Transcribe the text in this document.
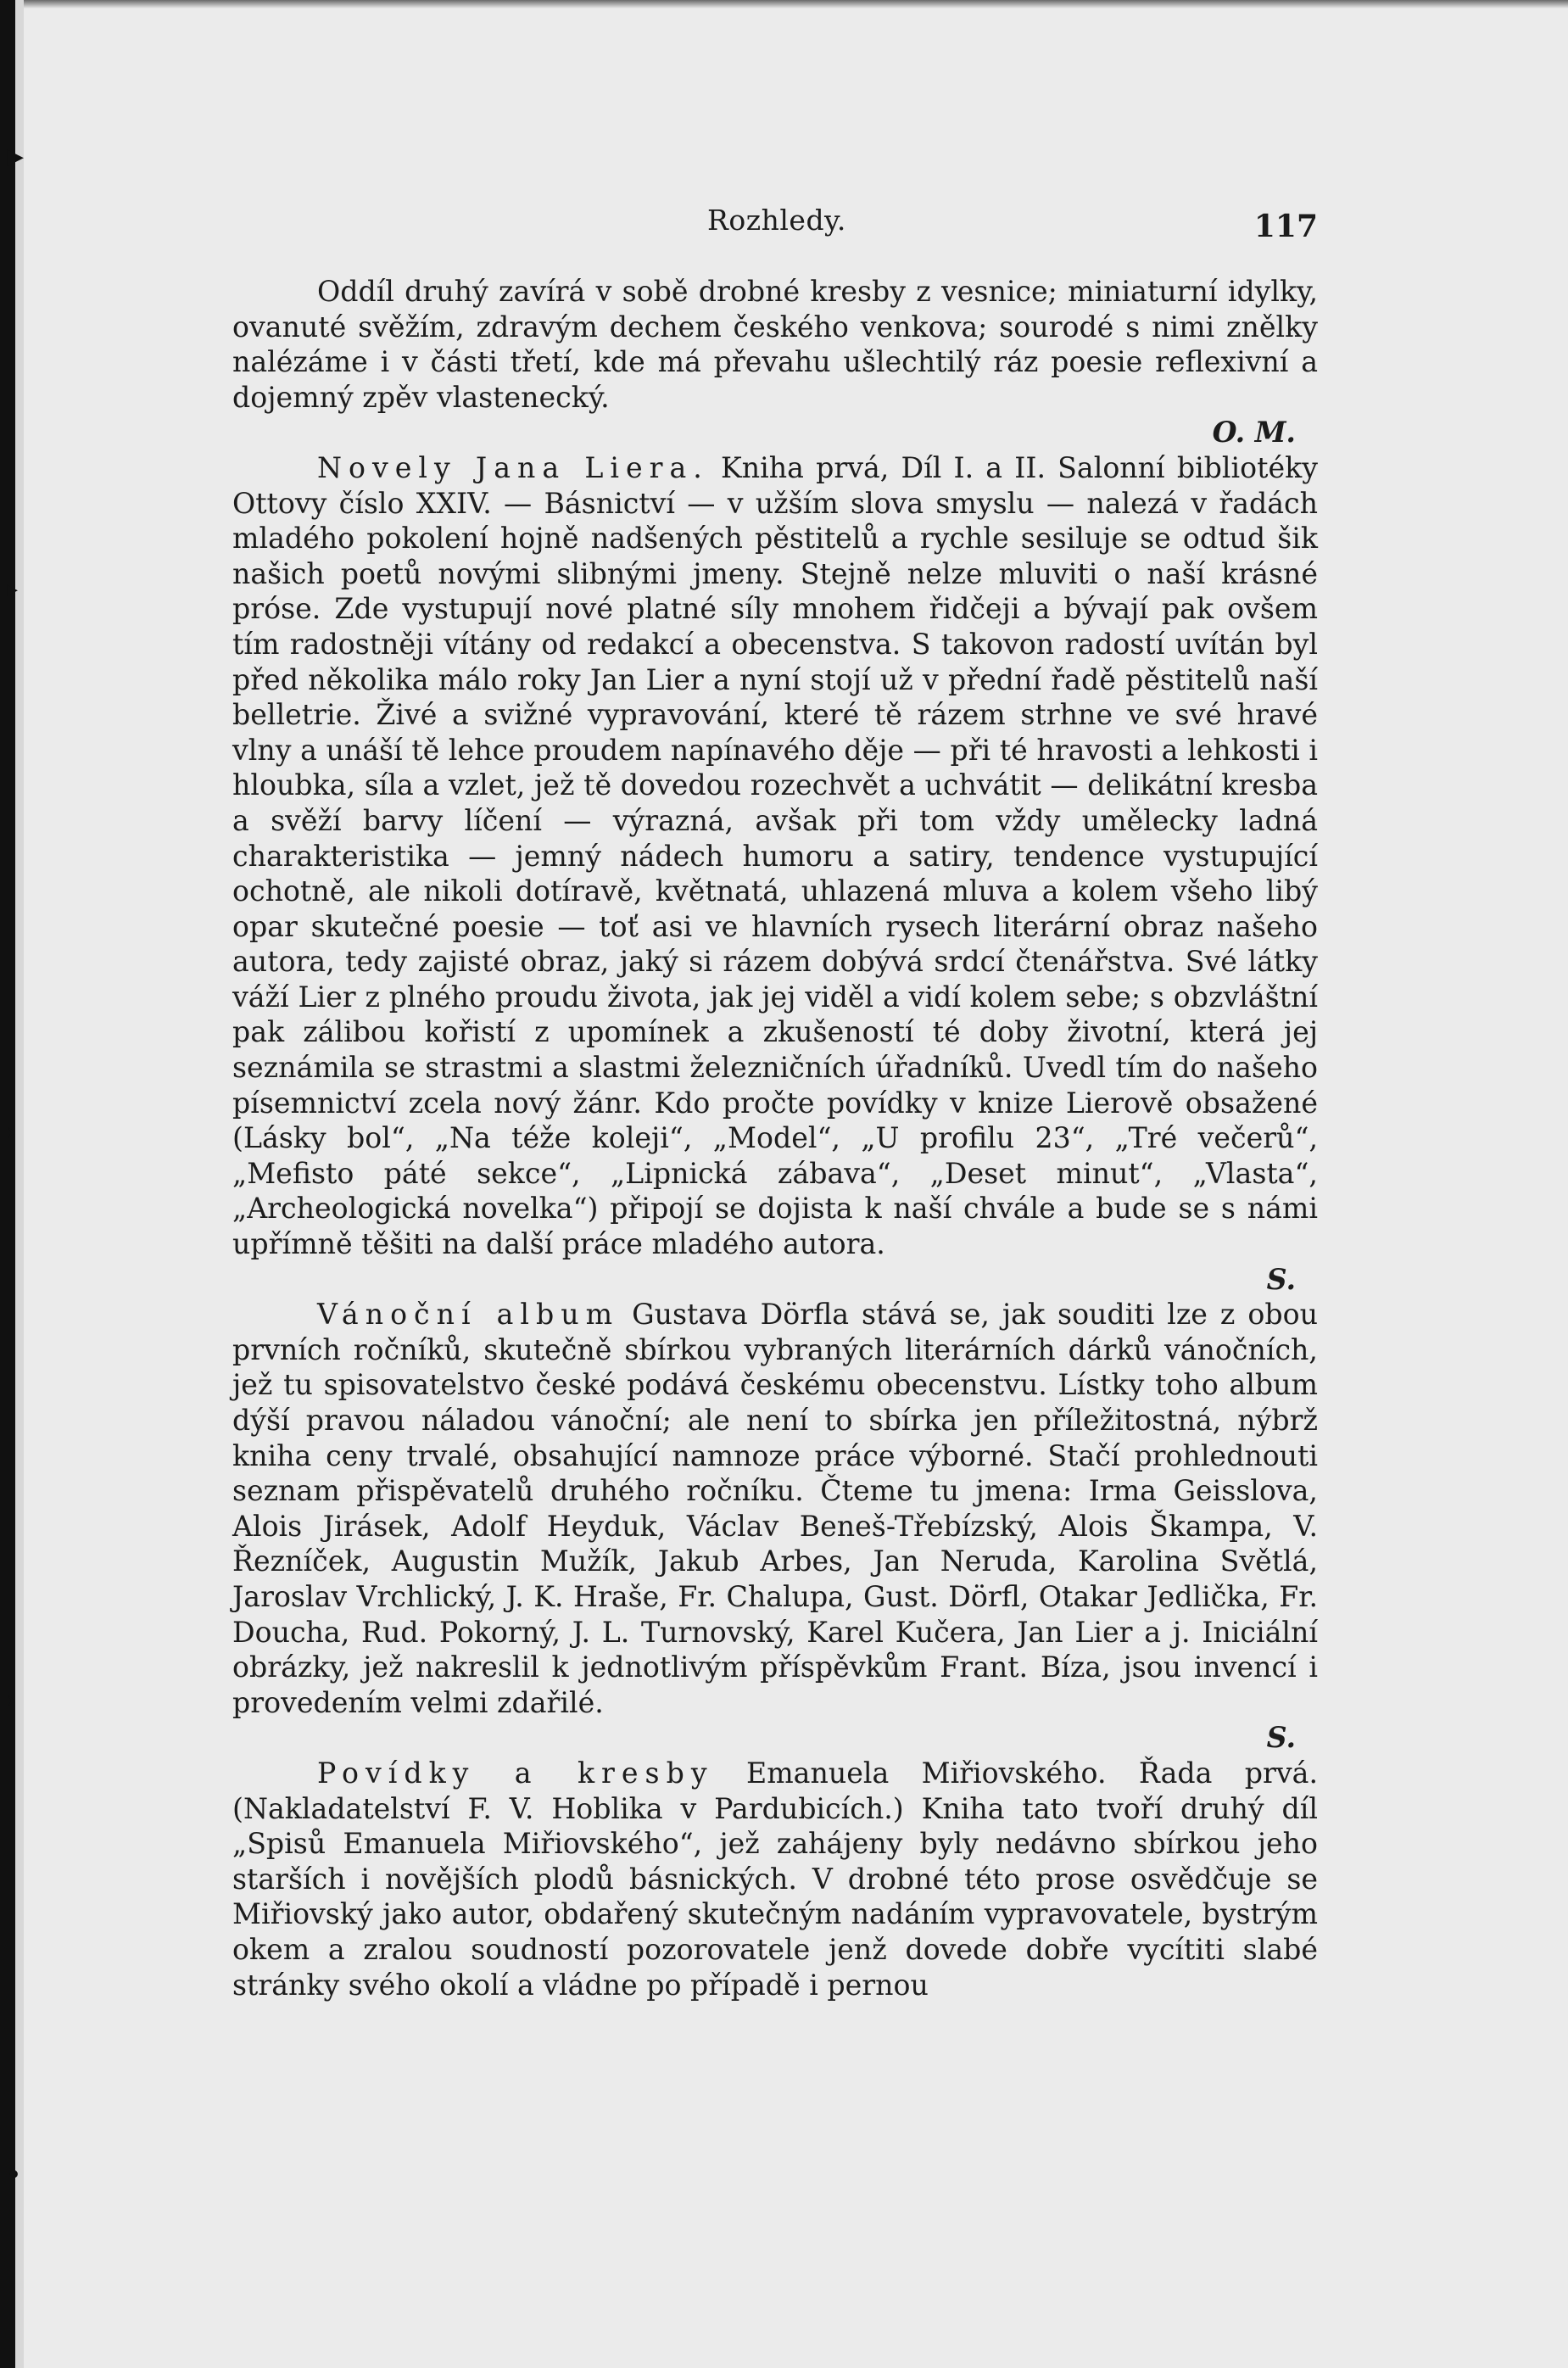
▶
▸
›
›
•
Rozhledy.	117

Oddíl druhý zavírá v sobě drobné kresby z vesnice; miniaturní idylky, ovanuté svěžím, zdravým dechem českého venkova; sourodé s nimi znělky nalézáme i v části třetí, kde má převahu ušlechtilý ráz poesie reflexivní a dojemný zpěv vlastenecký.
O. M.

Novely Jana Liera. Kniha prvá, Díl I. a II. Salonní bibliotéky Ottovy číslo XXIV. — Básnictví — v užším slova smyslu — nalezá v řadách mladého pokolení hojně nadšených pěstitelů a rychle sesiluje se odtud šik našich poetů novými slibnými jmeny. Stejně nelze mluviti o naší krásné próse. Zde vystupují nové platné síly mnohem řidčeji a bývají pak ovšem tím radostněji vítány od redakcí a obecenstva. S takovon radostí uvítán byl před několika málo roky Jan Lier a nyní stojí už v přední řadě pěstitelů naší belletrie. Živé a svižné vypravování, které tě rázem strhne ve své hravé vlny a unáší tě lehce proudem napínavého děje — při té hravosti a lehkosti i hloubka, síla a vzlet, jež tě dovedou rozechvět a uchvátit — delikátní kresba a svěží barvy líčení — výrazná, avšak při tom vždy umělecky ladná charakteristika — jemný nádech humoru a satiry, tendence vystupující ochotně, ale nikoli dotíravě, květnatá, uhlazená mluva a kolem všeho libý opar skutečné poesie — toť asi ve hlavních rysech literární obraz našeho autora, tedy zajisté obraz, jaký si rázem dobývá srdcí čtenářstva. Své látky váží Lier z plného proudu života, jak jej viděl a vidí kolem sebe; s obzvláštní pak zálibou kořistí z upomínek a zkušeností té doby životní, která jej seznámila se strastmi a slastmi železničních úřadníků. Uvedl tím do našeho písemnictví zcela nový žánr. Kdo pročte povídky v knize Lierově obsažené (Lásky bol“, „Na téže koleji“, „Model“, „U profilu 23“, „Tré večerů“, „Mefisto páté sekce“, „Lipnická zábava“, „Deset minut“, „Vlasta“, „Archeologická novelka“) připojí se dojista k naší chvále a bude se s námi upřímně těšiti na další práce mladého autora.
S.

Vánoční album Gustava Dörfla stává se, jak souditi lze z obou prvních ročníků, skutečně sbírkou vybraných literárních dárků vánočních, jež tu spisovatelstvo české podává českému obecenstvu. Lístky toho album dýší pravou náladou vánoční; ale není to sbírka jen příležitostná, nýbrž kniha ceny trvalé, obsahující namnoze práce výborné. Stačí prohlednouti seznam přispěvatelů druhého ročníku. Čteme tu jmena: Irma Geisslova, Alois Jirásek, Adolf Heyduk, Václav Beneš-Třebízský, Alois Škampa, V. Řezníček, Augustin Mužík, Jakub Arbes, Jan Neruda, Karolina Světlá, Jaroslav Vrchlický, J. K. Hraše, Fr. Chalupa, Gust. Dörfl, Otakar Jedlička, Fr. Doucha, Rud. Pokorný, J. L. Turnovský, Karel Kučera, Jan Lier a j. Iniciální obrázky, jež nakreslil k jednotlivým příspěvkům Frant. Bíza, jsou invencí i provedením velmi zdařilé.
S.

Povídky a kresby Emanuela Miřiovského. Řada prvá. (Nakladatelství F. V. Hoblika v Pardubicích.) Kniha tato tvoří druhý díl „Spisů Emanuela Miřiovského“, jež zahájeny byly nedávno sbírkou jeho starších i novějších plodů básnických. V drobné této prose osvědčuje se Miřiovský jako autor, obdařený skutečným nadáním vypravovatele, bystrým okem a zralou soudností pozorovatele jenž dovede dobře vycítiti slabé stránky svého okolí a vládne po případě i pernou
